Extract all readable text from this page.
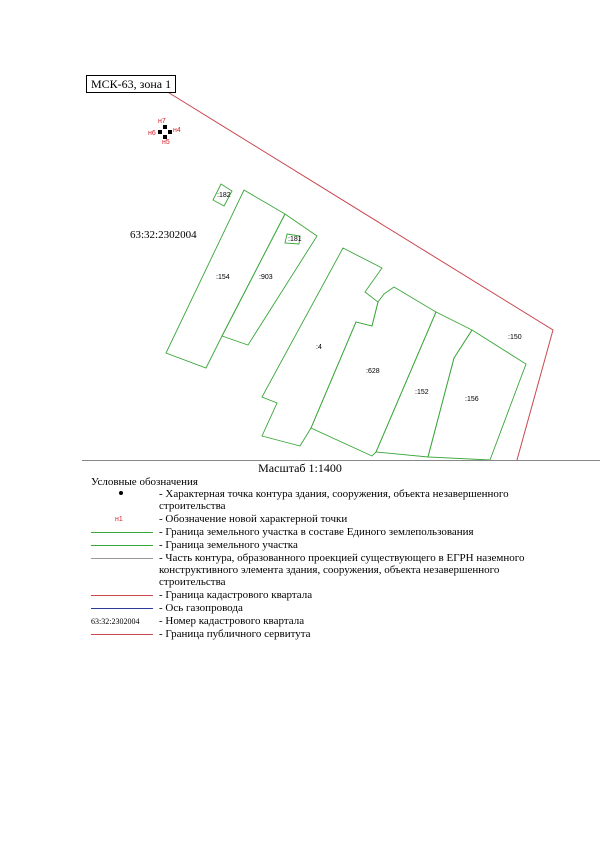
МСК-63, зона 1
63:32:2302004
:182
:181
:154	:903
:4
:628
:152
:156
:150
н7
н6 н4
н5
Масштаб 1:1400
Условные обозначения
- Характерная точка контура здания, сооружения, объекта незавершенного строительства
н1	- Обозначение новой характерной точки
- Граница земельного участка в составе Единого землепользования
- Граница земельного участка
- Часть контура, образованного проекцией существующего в ЕГРН наземного конструктивного элемента здания, сооружения, объекта незавершенного строительства
- Граница кадастрового квартала
- Ось газопровода
63:32:2302004	- Номер кадастрового квартала
- Граница публичного сервитута
